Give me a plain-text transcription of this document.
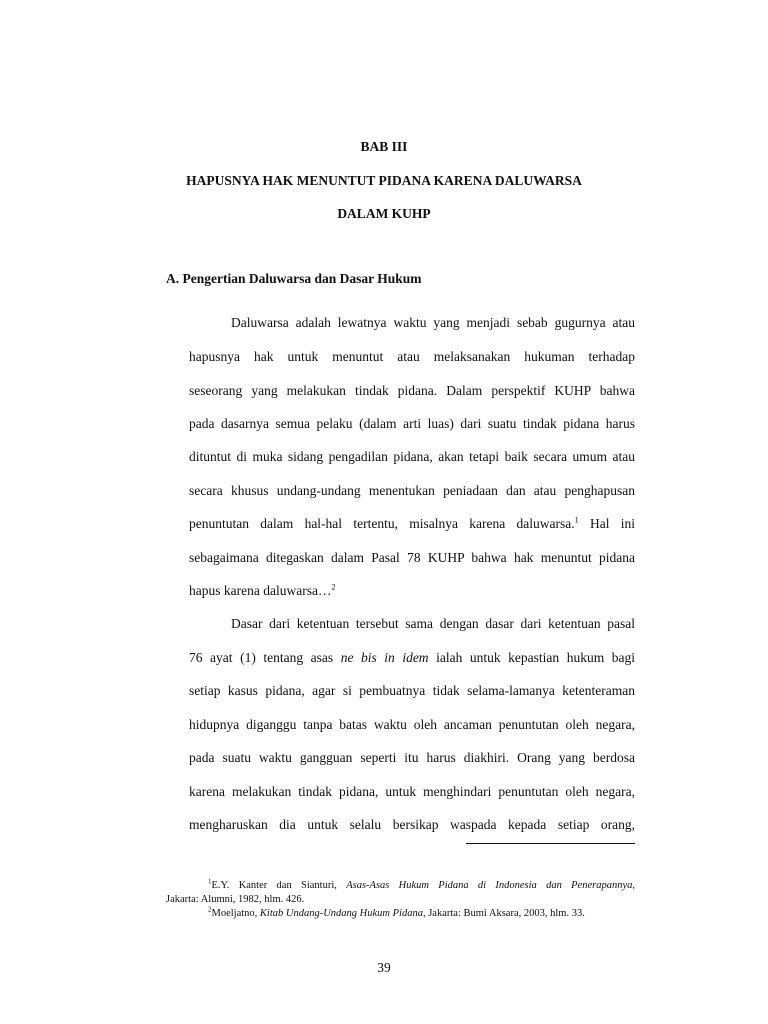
BAB III
HAPUSNYA HAK MENUNTUT PIDANA KARENA DALUWARSA
DALAM KUHP
A. Pengertian Daluwarsa dan Dasar Hukum
Daluwarsa adalah lewatnya waktu yang menjadi sebab gugurnya atau
hapusnya hak untuk menuntut atau melaksanakan hukuman terhadap
seseorang yang melakukan tindak pidana. Dalam perspektif KUHP bahwa
pada dasarnya semua pelaku (dalam arti luas) dari suatu tindak pidana harus
dituntut di muka sidang pengadilan pidana, akan tetapi baik secara umum atau
secara khusus undang-undang menentukan peniadaan dan atau penghapusan
penuntutan dalam hal-hal tertentu, misalnya karena daluwarsa.$^1$ Hal ini
sebagaimana ditegaskan dalam Pasal 78 KUHP bahwa hak menuntut pidana
hapus karena daluwarsa…$^2$
Dasar dari ketentuan tersebut sama dengan dasar dari ketentuan pasal
76 ayat (1) tentang asas ne bis in idem ialah untuk kepastian hukum bagi
setiap kasus pidana, agar si pembuatnya tidak selama-lamanya ketenteraman
hidupnya diganggu tanpa batas waktu oleh ancaman penuntutan oleh negara,
pada suatu waktu gangguan seperti itu harus diakhiri. Orang yang berdosa
karena melakukan tindak pidana, untuk menghindari penuntutan oleh negara,
mengharuskan dia untuk selalu bersikap waspada kepada setiap orang,
$^1$E.Y. Kanter dan Sianturi, Asas-Asas Hukum Pidana di Indonesia dan Penerapannya,
Jakarta: Alumni, 1982, hlm. 426.
$^2$Moeljatno, Kitab Undang-Undang Hukum Pidana, Jakarta: Bumi Aksara, 2003, hlm. 33.
39
